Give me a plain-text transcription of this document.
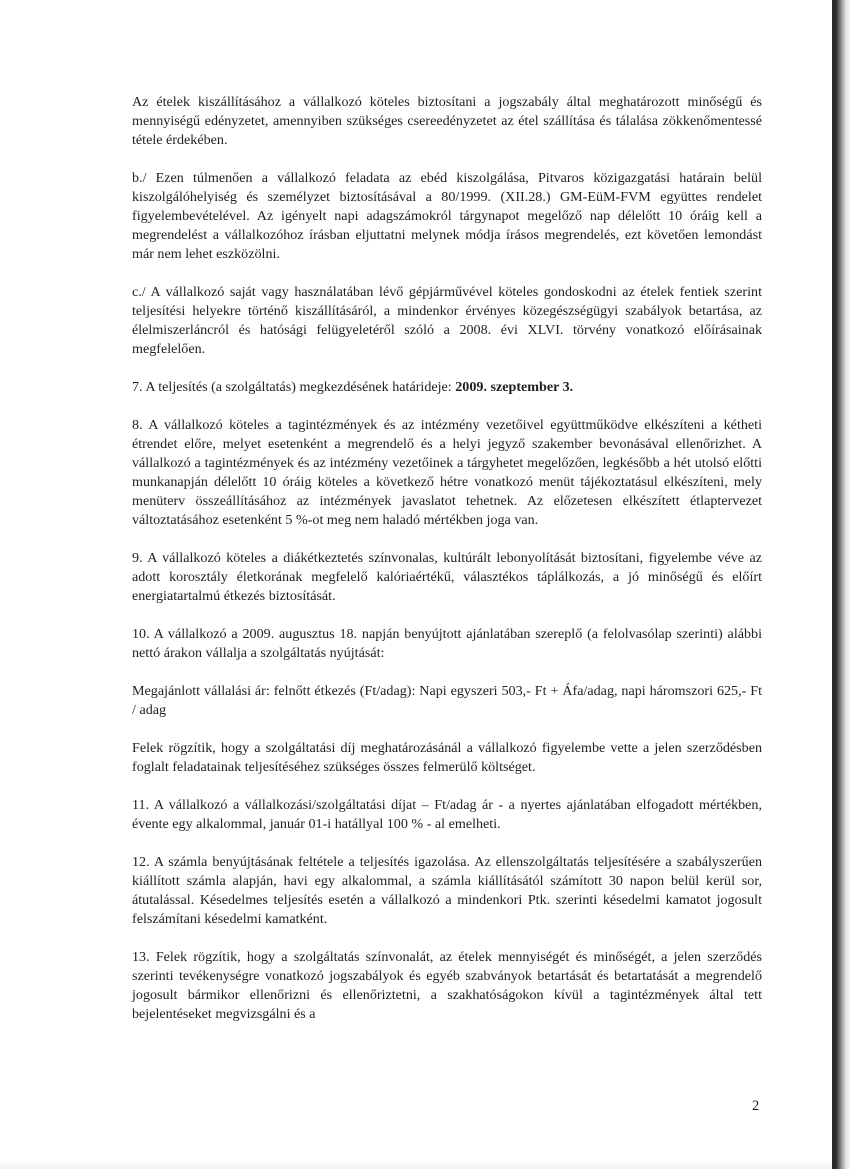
Az ételek kiszállításához a vállalkozó köteles biztosítani a jogszabály által meghatározott minőségű és mennyiségű edényzetet, amennyiben szükséges csereedényzetet az étel szállítása és tálalása zökkenőmentessé tétele érdekében.

b./ Ezen túlmenően a vállalkozó feladata az ebéd kiszolgálása, Pitvaros közigazgatási határain belül kiszolgálóhelyiség és személyzet biztosításával a 80/1999. (XII.28.) GM-EüM-FVM együttes rendelet figyelembevételével. Az igényelt napi adagszámokról tárgynapot megelőző nap délelőtt 10 óráig kell a megrendelést a vállalkozóhoz írásban eljuttatni melynek módja írásos megrendelés, ezt követően lemondást már nem lehet eszközölni.

c./ A vállalkozó saját vagy használatában lévő gépjárművével köteles gondoskodni az ételek fentiek szerint teljesítési helyekre történő kiszállításáról, a mindenkor érvényes közegészségügyi szabályok betartása, az élelmiszerláncról és hatósági felügyeletéről szóló a 2008. évi XLVI. törvény vonatkozó előírásainak megfelelően.

7. A teljesítés (a szolgáltatás) megkezdésének határideje: 2009. szeptember 3.

8. A vállalkozó köteles a tagintézmények és az intézmény vezetőivel együttműködve elkészíteni a kétheti étrendet előre, melyet esetenként a megrendelő és a helyi jegyző szakember bevonásával ellenőrizhet. A vállalkozó a tagintézmények és az intézmény vezetőinek a tárgyhetet megelőzően, legkésőbb a hét utolsó előtti munkanapján délelőtt 10 óráig köteles a következő hétre vonatkozó menüt tájékoztatásul elkészíteni, mely menüterv összeállításához az intézmények javaslatot tehetnek. Az előzetesen elkészített étlaptervezet változtatásához esetenként 5 %-ot meg nem haladó mértékben joga van.

9. A vállalkozó köteles a diákétkeztetés színvonalas, kultúrált lebonyolítását biztosítani, figyelembe véve az adott korosztály életkorának megfelelő kalóriaértékű, választékos táplálkozás, a jó minőségű és előírt energiatartalmú étkezés biztosítását.

10. A vállalkozó a 2009. augusztus 18. napján benyújtott ajánlatában szereplő (a felolvasólap szerinti) alábbi nettó árakon vállalja a szolgáltatás nyújtását:

Megajánlott vállalási ár: felnőtt étkezés (Ft/adag): Napi egyszeri 503,- Ft + Áfa/adag, napi háromszori 625,- Ft / adag

Felek rögzítik, hogy a szolgáltatási díj meghatározásánál a vállalkozó figyelembe vette a jelen szerződésben foglalt feladatainak teljesítéséhez szükséges összes felmerülő költséget.

11. A vállalkozó a vállalkozási/szolgáltatási díjat – Ft/adag ár - a nyertes ajánlatában elfogadott mértékben, évente egy alkalommal, január 01-i hatállyal 100 % - al emelheti.

12. A számla benyújtásának feltétele a teljesítés igazolása. Az ellenszolgáltatás teljesítésére a szabályszerűen kiállított számla alapján, havi egy alkalommal, a számla kiállításától számított 30 napon belül kerül sor, átutalással. Késedelmes teljesítés esetén a vállalkozó a mindenkori Ptk. szerinti késedelmi kamatot jogosult felszámítani késedelmi kamatként.

13. Felek rögzítik, hogy a szolgáltatás színvonalát, az ételek mennyiségét és minőségét, a jelen szerződés szerinti tevékenységre vonatkozó jogszabályok és egyéb szabványok betartását és betartatását a megrendelő jogosult bármikor ellenőrizni és ellenőriztetni, a szakhatóságokon kívül a tagintézmények által tett bejelentéseket megvizsgálni és a

2
